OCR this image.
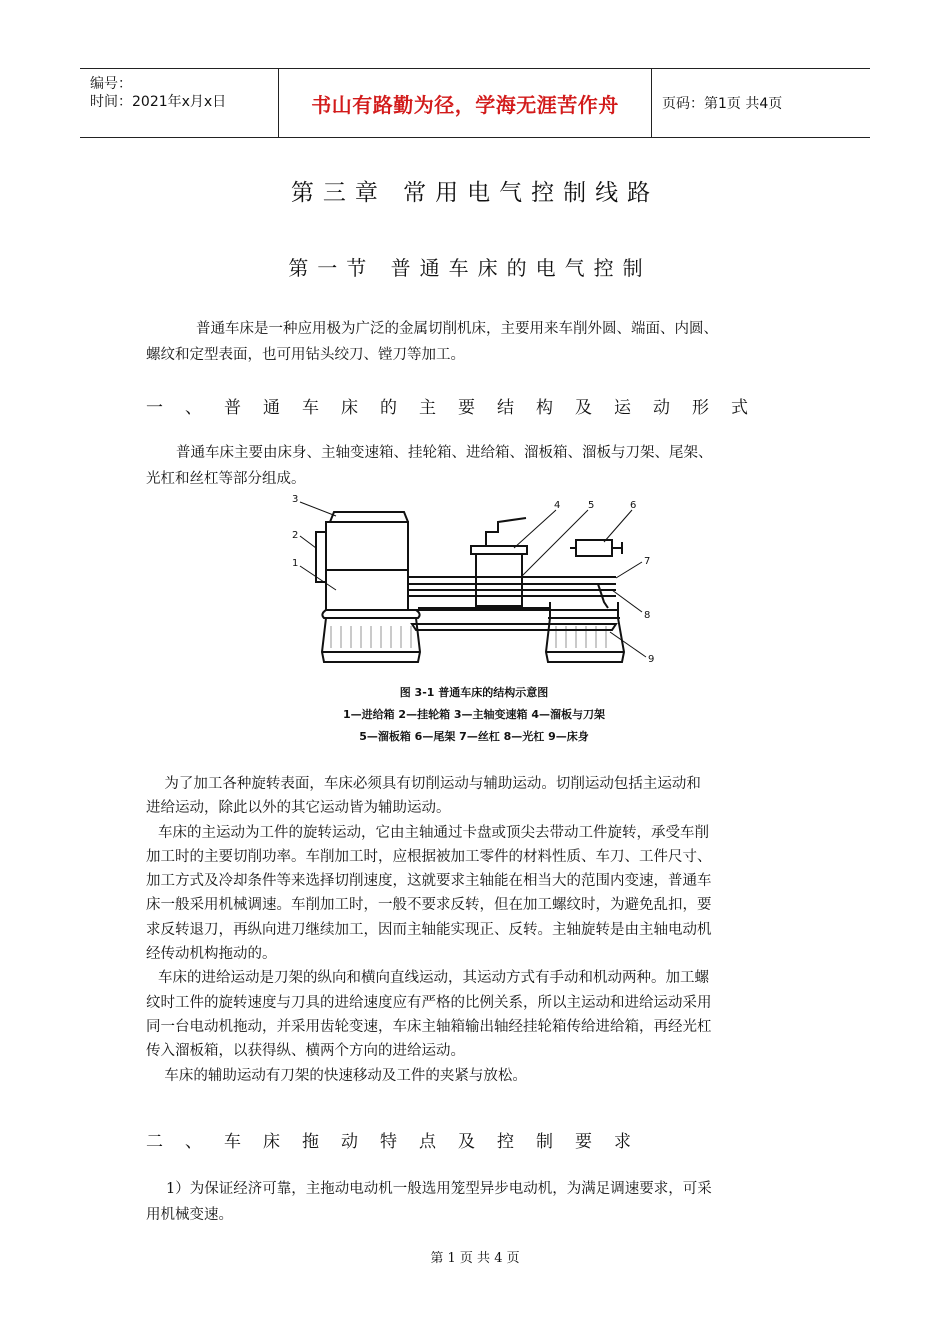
编号：
时间：2021年x月x日	书山有路勤为径，学海无涯苦作舟	页码：第1页 共4页
第三章 常用电气控制线路
第一节 普通车床的电气控制
普通车床是一种应用极为广泛的金属切削机床，主要用来车削外圆、端面、内圆、
螺纹和定型表面，也可用钻头绞刀、镗刀等加工。
一、普通车床的主要结构及运动形式
普通车床主要由床身、主轴变速箱、挂轮箱、进给箱、溜板箱、溜板与刀架、尾架、
光杠和丝杠等部分组成。
3
2
1
4	5	6
7
8
9
图 3-1 普通车床的结构示意图
1—进给箱 2—挂轮箱 3—主轴变速箱 4—溜板与刀架
5—溜板箱 6—尾架 7—丝杠 8—光杠 9—床身
为了加工各种旋转表面，车床必须具有切削运动与辅助运动。切削运动包括主运动和
进给运动，除此以外的其它运动皆为辅助运动。
车床的主运动为工件的旋转运动，它由主轴通过卡盘或顶尖去带动工件旋转，承受车削
加工时的主要切削功率。车削加工时，应根据被加工零件的材料性质、车刀、工件尺寸、
加工方式及冷却条件等来选择切削速度，这就要求主轴能在相当大的范围内变速，普通车
床一般采用机械调速。车削加工时，一般不要求反转，但在加工螺纹时，为避免乱扣，要
求反转退刀，再纵向进刀继续加工，因而主轴能实现正、反转。主轴旋转是由主轴电动机
经传动机构拖动的。
车床的进给运动是刀架的纵向和横向直线运动，其运动方式有手动和机动两种。加工螺
纹时工件的旋转速度与刀具的进给速度应有严格的比例关系，所以主运动和进给运动采用
同一台电动机拖动，并采用齿轮变速，车床主轴箱输出轴经挂轮箱传给进给箱，再经光杠
传入溜板箱，以获得纵、横两个方向的进给运动。
车床的辅助运动有刀架的快速移动及工件的夹紧与放松。
二、车床拖动特点及控制要求
1）为保证经济可靠，主拖动电动机一般选用笼型异步电动机，为满足调速要求，可采
用机械变速。
第 1 页 共 4 页
